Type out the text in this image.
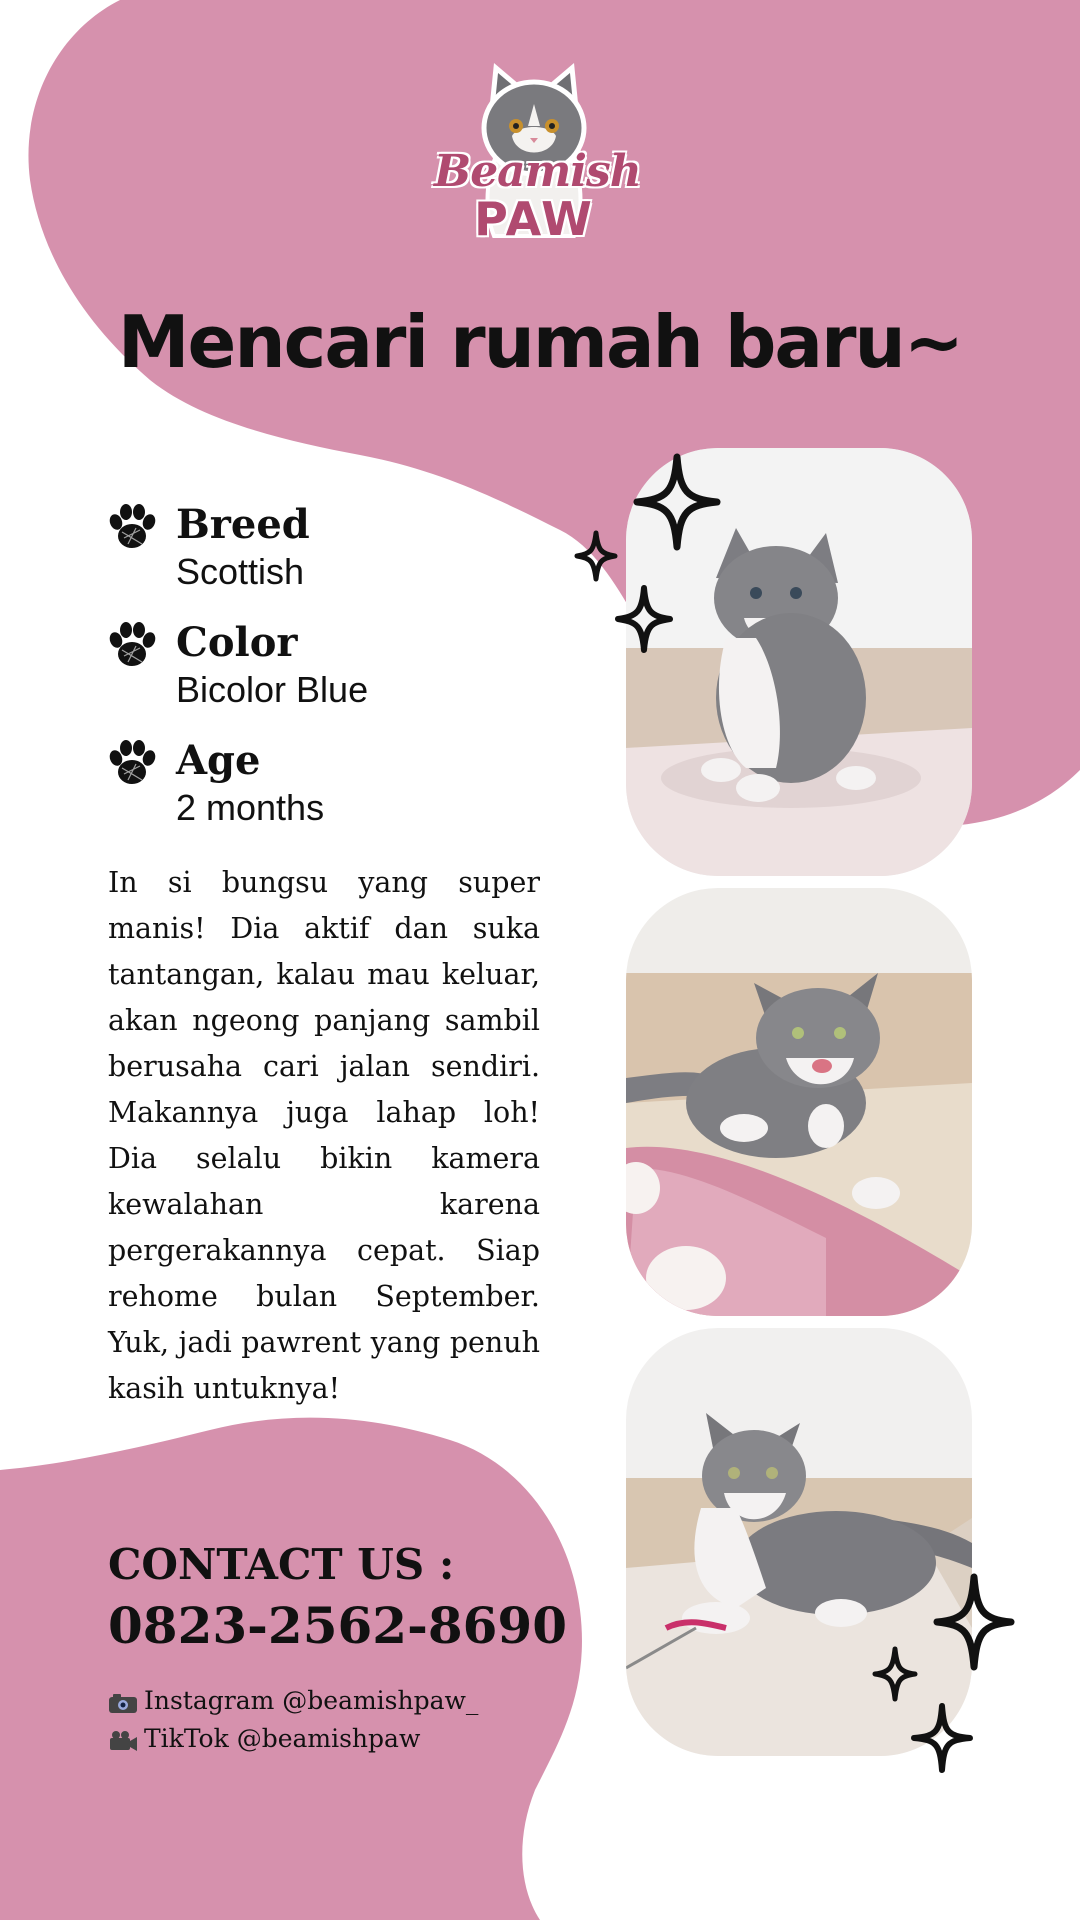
Beamish
PAW
Mencari rumah baru~
Breed
Scottish
Color
Bicolor Blue
Age
2 months
In si bungsu yang super manis! Dia aktif dan suka tantangan, kalau mau keluar, akan ngeong panjang sambil berusaha cari jalan sendiri. Makannya juga lahap loh! Dia selalu bikin kamera kewalahan karena pergerakannya cepat. Siap rehome bulan September. Yuk, jadi pawrent yang penuh kasih untuknya!
CONTACT US :
0823-2562-8690
Instagram @beamishpaw_
TikTok @beamishpaw
